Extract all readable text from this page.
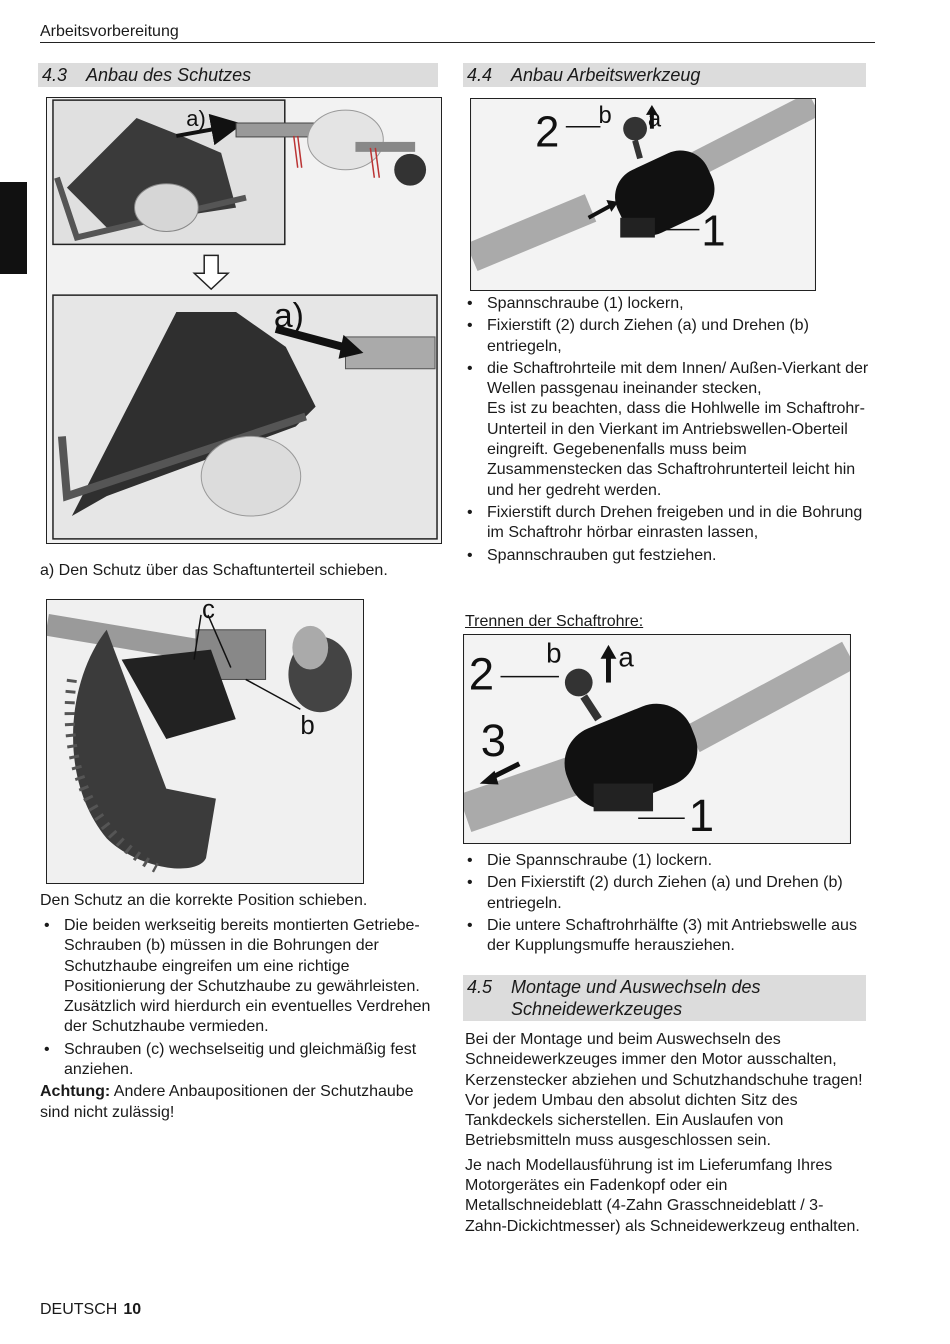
Arbeitsvorbereitung
4.3 Anbau des Schutzes
a)
a)
a) Den Schutz über das Schaftunterteil schieben.
c
b
Den Schutz an die korrekte Position schieben.
• Die beiden werkseitig bereits montierten Getriebe-Schrauben (b) müssen in die Bohrungen der Schutzhaube eingreifen um eine richtige Positionierung der Schutzhaube zu gewährleisten. Zusätzlich wird hierdurch ein eventuelles Verdrehen der Schutzhaube vermieden.
• Schrauben (c) wechselseitig und gleichmäßig fest anziehen.

Achtung: Andere Anbaupositionen der Schutzhaube sind nicht zulässig!

4.4 Anbau Arbeitswerkzeug
2 b a
1
• Spannschraube (1) lockern,
• Fixierstift (2) durch Ziehen (a) und Drehen (b) entriegeln,
• die Schaftrohrteile mit dem Innen/ Außen-Vierkant der Wellen passgenau ineinander stecken,
Es ist zu beachten, dass die Hohlwelle im Schaftrohr-Unterteil in den Vierkant im Antriebswellen-Oberteil eingreift. Gegebenenfalls muss beim Zusammenstecken das Schaftrohrunterteil leicht hin und her gedreht werden.
• Fixierstift durch Drehen freigeben und in die Bohrung im Schaftrohr hörbar einrasten lassen,
• Spannschrauben gut festziehen.
Trennen der Schaftrohre:
2 b a
3
1
• Die Spannschraube (1) lockern.
• Den Fixierstift (2) durch Ziehen (a) und Drehen (b) entriegeln.
• Die untere Schaftrohrhälfte (3) mit Antriebswelle aus der Kupplungsmuffe herausziehen.
4.5 Montage und Auswechseln des Schneidewerkzeuges

Bei der Montage und beim Auswechseln des Schneidewerkzeuges immer den Motor ausschalten, Kerzenstecker abziehen und Schutzhandschuhe tragen!
Vor jedem Umbau den absolut dichten Sitz des Tankdeckels sicherstellen. Ein Auslaufen von Betriebsmitteln muss ausgeschlossen sein.

Je nach Modellausführung ist im Lieferumfang Ihres Motorgerätes ein Fadenkopf oder ein Metallschneideblatt (4-Zahn Grasschneideblatt / 3-Zahn-Dickichtmesser) als Schneidewerkzeug enthalten.

DEUTSCH 10
